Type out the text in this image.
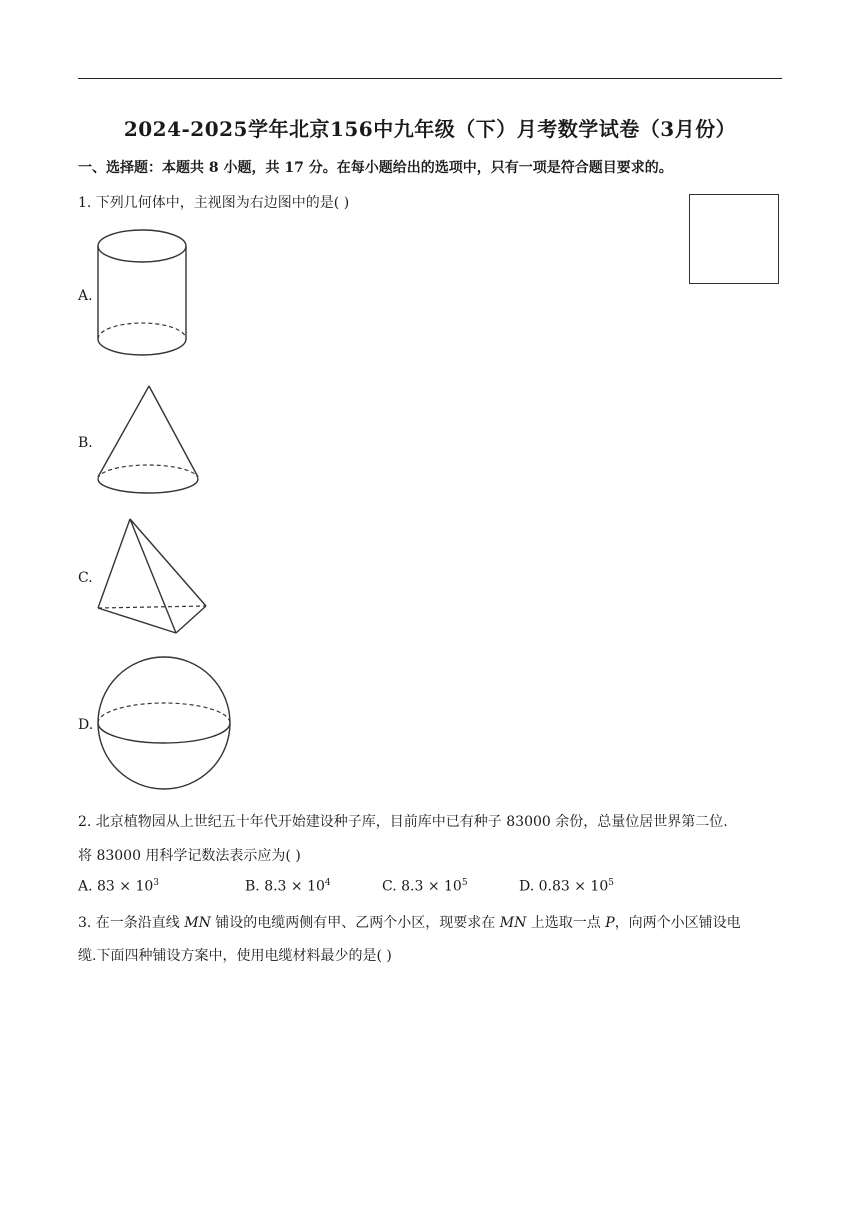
2024-2025学年北京156中九年级（下）月考数学试卷（3月份）
一、选择题：本题共 8 小题，共 17 分。在每小题给出的选项中，只有一项是符合题目要求的。
1. 下列几何体中，主视图为右边图中的是( )
A.
B.
C.
D.
2. 北京植物园从上世纪五十年代开始建设种子库，目前库中已有种子 83000 余份，总量位居世界第二位.
将 83000 用科学记数法表示应为( )
A. $83 \times 10^3$	B. $8.3 \times 10^4$	C. $8.3 \times 10^5$	D. $0.83 \times 10^5$
3. 在一条沿直线 MN 铺设的电缆两侧有甲、乙两个小区，现要求在 MN 上选取一点 P，向两个小区铺设电
缆.下面四种铺设方案中，使用电缆材料最少的是( )
